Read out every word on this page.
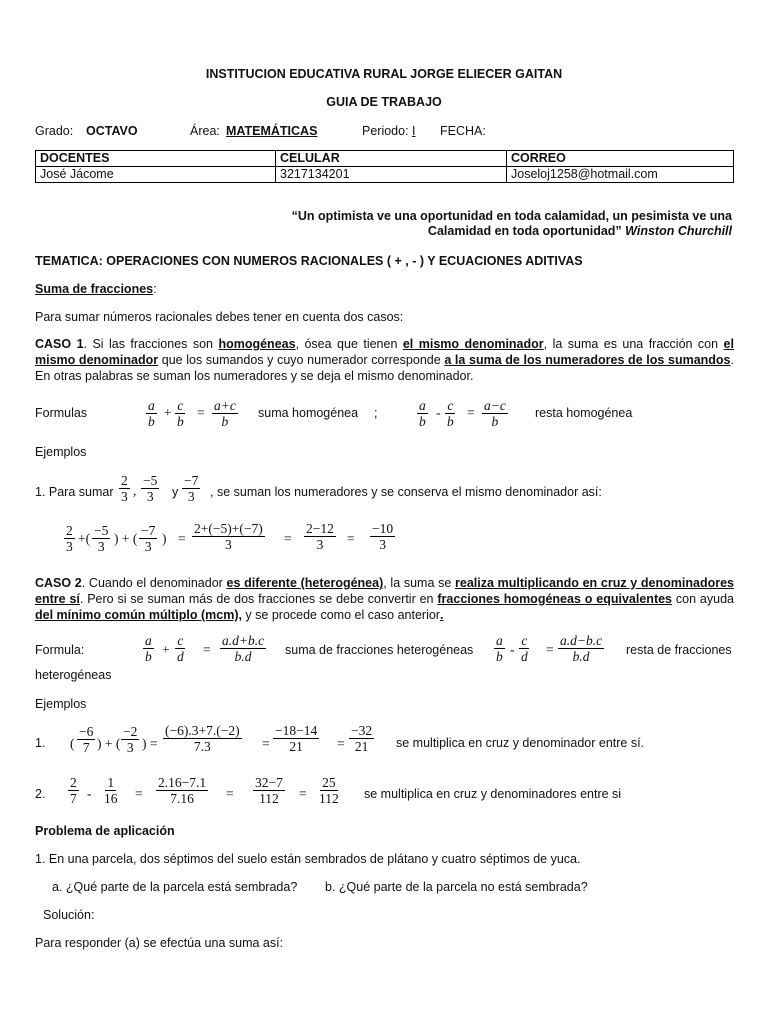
INSTITUCION EDUCATIVA RURAL JORGE ELIECER GAITAN
GUIA DE TRABAJO
Grado: OCTAVO	Área: MATEMÁTICAS	Periodo: I FECHA:
DOCENTES	CELULAR	CORREO
José Jácome	3217134201	Joseloj1258@hotmail.com
“Un optimista ve una oportunidad en toda calamidad, un pesimista ve una
Calamidad en toda oportunidad” Winston Churchill
TEMATICA: OPERACIONES CON NUMEROS RACIONALES ( + , - ) Y ECUACIONES ADITIVAS
Suma de fracciones:
Para sumar números racionales debes tener en cuenta dos casos:
CASO 1. Si las fracciones son homogéneas, ósea que tienen el mismo denominador, la suma es una fracción con el mismo denominador que los sumandos y cuyo numerador corresponde a la suma de los numeradores de los sumandos. En otras palabras se suman los numeradores y se deja el mismo denominador.
Formulas	$\frac{a}{b} + \frac{c}{b} = \frac{a+c}{b}$ suma homogénea ;	$\frac{a}{b} - \frac{c}{b} = \frac{a-c}{b}$ resta homogénea
Ejemplos
1. Para sumar $\frac{2}{3}$ , $\frac{-5}{3}$ y $\frac{-7}{3}$ , se suman los numeradores y se conserva el mismo denominador así:
$\frac{2}{3}$ +( $\frac{-5}{3}$ ) + ( $\frac{-7}{3}$ ) = $\frac{2+(-5)+(-7)}{3} = \frac{2-12}{3} = \frac{-10}{3}$
CASO 2. Cuando el denominador es diferente (heterogénea), la suma se realiza multiplicando en cruz y denominadores entre sí. Pero si se suman más de dos fracciones se debe convertir en fracciones homogéneas o equivalentes con ayuda del mínimo común múltiplo (mcm), y se procede como el caso anterior.
Formula:	$\frac{a}{b} + \frac{c}{d} = \frac{a.d+b.c}{b.d}$ suma de fracciones heterogéneas $\frac{a}{b} - \frac{c}{d} = \frac{a.d-b.c}{b.d}$ resta de fracciones
heterogéneas
Ejemplos
1. ( $\frac{-6}{7}$ ) + ( $\frac{-2}{3}$ ) = $\frac{(-6).3+7.(-2)}{7.3} = \frac{-18-14}{21} = \frac{-32}{21}$ se multiplica en cruz y denominador entre sí.
2. $\frac{2}{7} - \frac{1}{16} = \frac{2.16-7.1}{7.16} = \frac{32-7}{112} = \frac{25}{112}$ se multiplica en cruz y denominadores entre si
Problema de aplicación
1. En una parcela, dos séptimos del suelo están sembrados de plátano y cuatro séptimos de yuca.
a. ¿Qué parte de la parcela está sembrada? b. ¿Qué parte de la parcela no está sembrada?
Solución:
Para responder (a) se efectúa una suma así:
